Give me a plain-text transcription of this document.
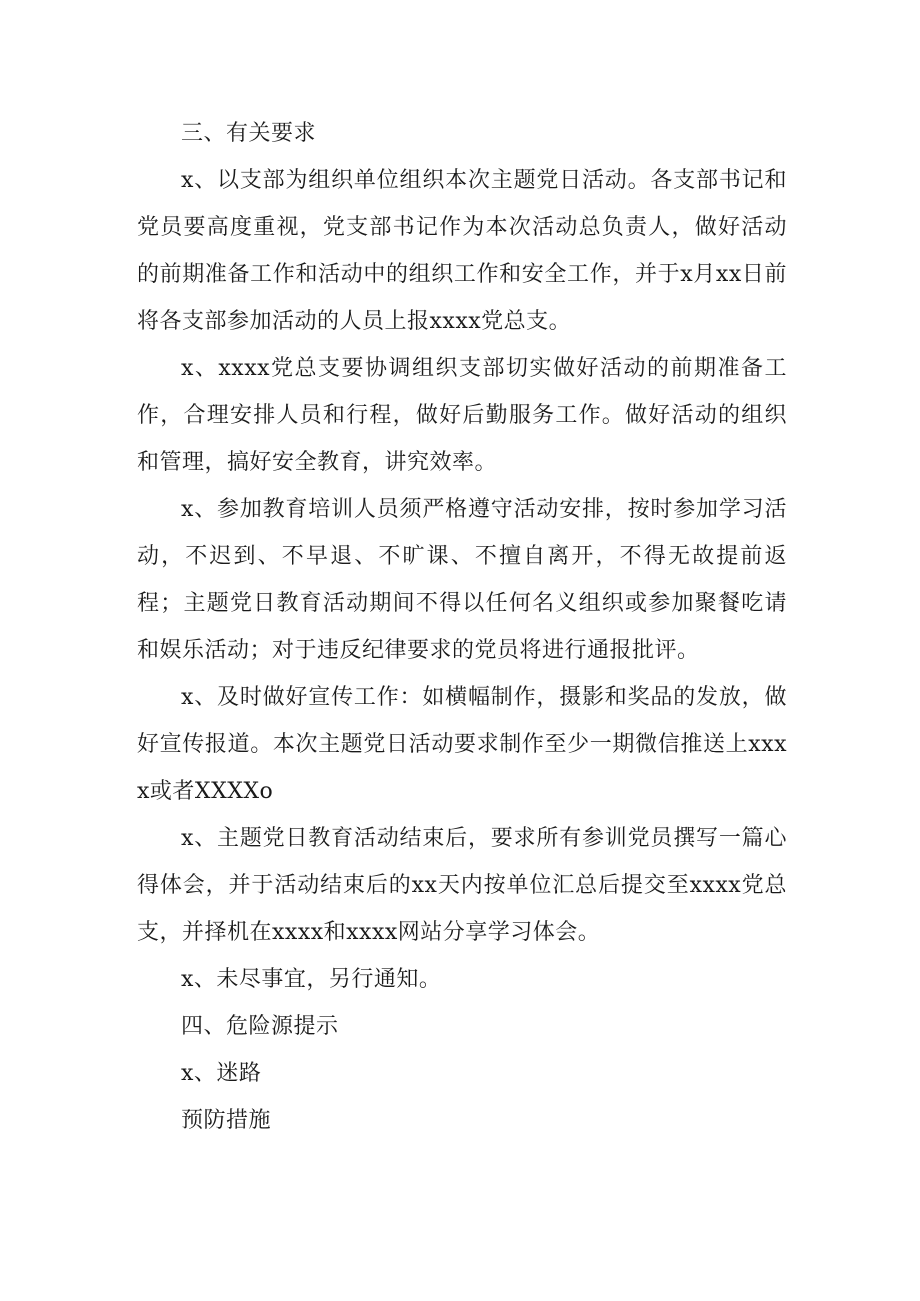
三、有关要求

x、以支部为组织单位组织本次主题党日活动。各支部书记和党员要高度重视，党支部书记作为本次活动总负责人，做好活动的前期准备工作和活动中的组织工作和安全工作，并于x月xx日前将各支部参加活动的人员上报xxxx党总支。

x、xxxx党总支要协调组织支部切实做好活动的前期准备工作，合理安排人员和行程，做好后勤服务工作。做好活动的组织和管理，搞好安全教育，讲究效率。

x、参加教育培训人员须严格遵守活动安排，按时参加学习活动，不迟到、不早退、不旷课、不擅自离开，不得无故提前返程；主题党日教育活动期间不得以任何名义组织或参加聚餐吃请和娱乐活动；对于违反纪律要求的党员将进行通报批评。

x、及时做好宣传工作：如横幅制作，摄影和奖品的发放，做好宣传报道。本次主题党日活动要求制作至少一期微信推送上xxxx或者XXXXo

x、主题党日教育活动结束后，要求所有参训党员撰写一篇心得体会，并于活动结束后的xx天内按单位汇总后提交至xxxx党总支，并择机在xxxx和xxxx网站分享学习体会。

x、未尽事宜，另行通知。

四、危险源提示

x、迷路

预防措施
